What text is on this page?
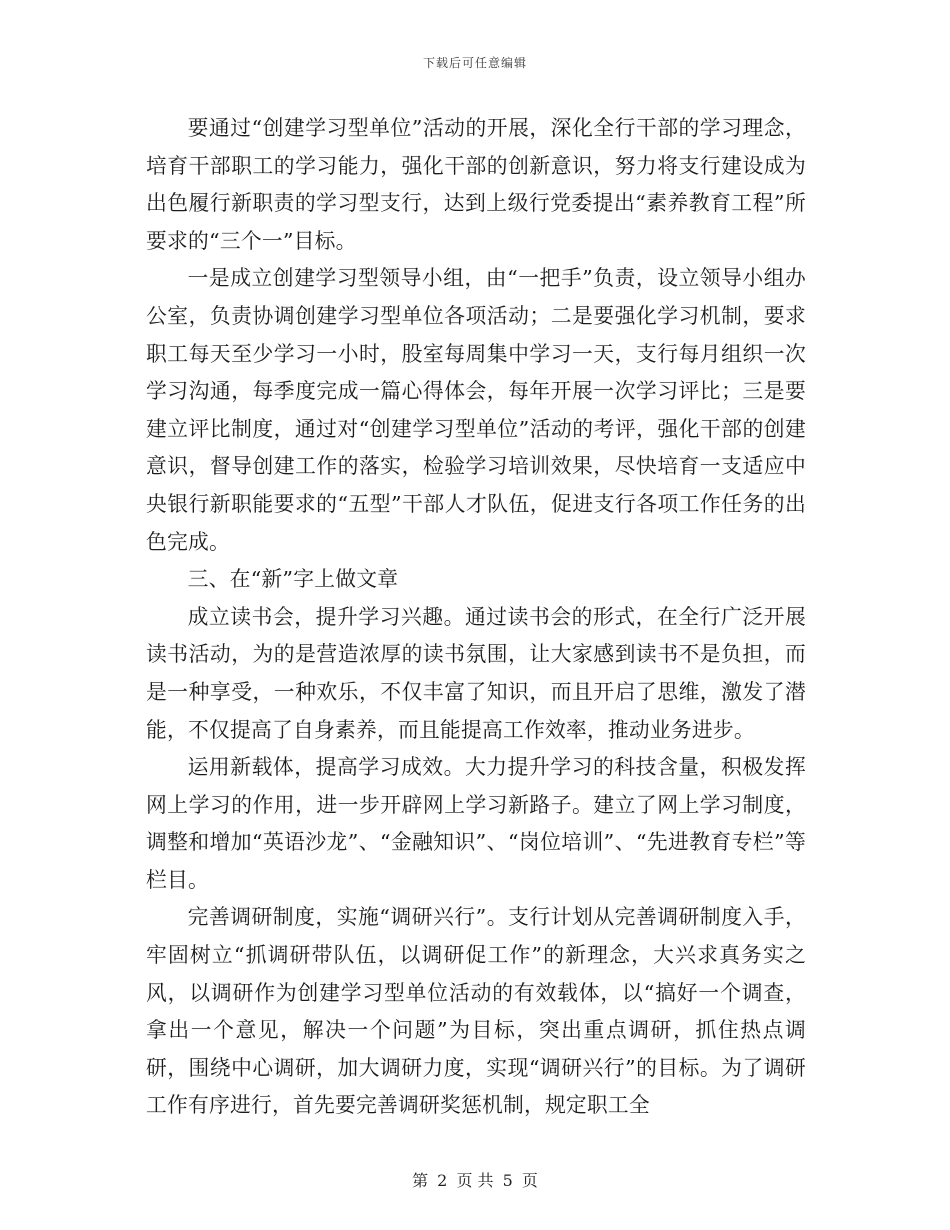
下载后可任意编辑

要通过“创建学习型单位”活动的开展，深化全行干部的学习理念，培育干部职工的学习能力，强化干部的创新意识，努力将支行建设成为出色履行新职责的学习型支行，达到上级行党委提出“素养教育工程”所要求的“三个一”目标。

一是成立创建学习型领导小组，由“一把手”负责，设立领导小组办公室，负责协调创建学习型单位各项活动；二是要强化学习机制，要求职工每天至少学习一小时，股室每周集中学习一天，支行每月组织一次学习沟通，每季度完成一篇心得体会，每年开展一次学习评比；三是要建立评比制度，通过对“创建学习型单位”活动的考评，强化干部的创建意识，督导创建工作的落实，检验学习培训效果，尽快培育一支适应中央银行新职能要求的“五型”干部人才队伍，促进支行各项工作任务的出色完成。

三、在“新”字上做文章

成立读书会，提升学习兴趣。通过读书会的形式，在全行广泛开展读书活动，为的是营造浓厚的读书氛围，让大家感到读书不是负担，而是一种享受，一种欢乐，不仅丰富了知识，而且开启了思维，激发了潜能，不仅提高了自身素养，而且能提高工作效率，推动业务进步。

运用新载体，提高学习成效。大力提升学习的科技含量，积极发挥网上学习的作用，进一步开辟网上学习新路子。建立了网上学习制度，调整和增加“英语沙龙”、“金融知识”、“岗位培训”、“先进教育专栏”等栏目。

完善调研制度，实施“调研兴行”。支行计划从完善调研制度入手，牢固树立“抓调研带队伍，以调研促工作”的新理念，大兴求真务实之风，以调研作为创建学习型单位活动的有效载体，以“搞好一个调查，拿出一个意见，解决一个问题”为目标，突出重点调研，抓住热点调研，围绕中心调研，加大调研力度，实现“调研兴行”的目标。为了调研工作有序进行，首先要完善调研奖惩机制，规定职工全

第 2 页 共 5 页
